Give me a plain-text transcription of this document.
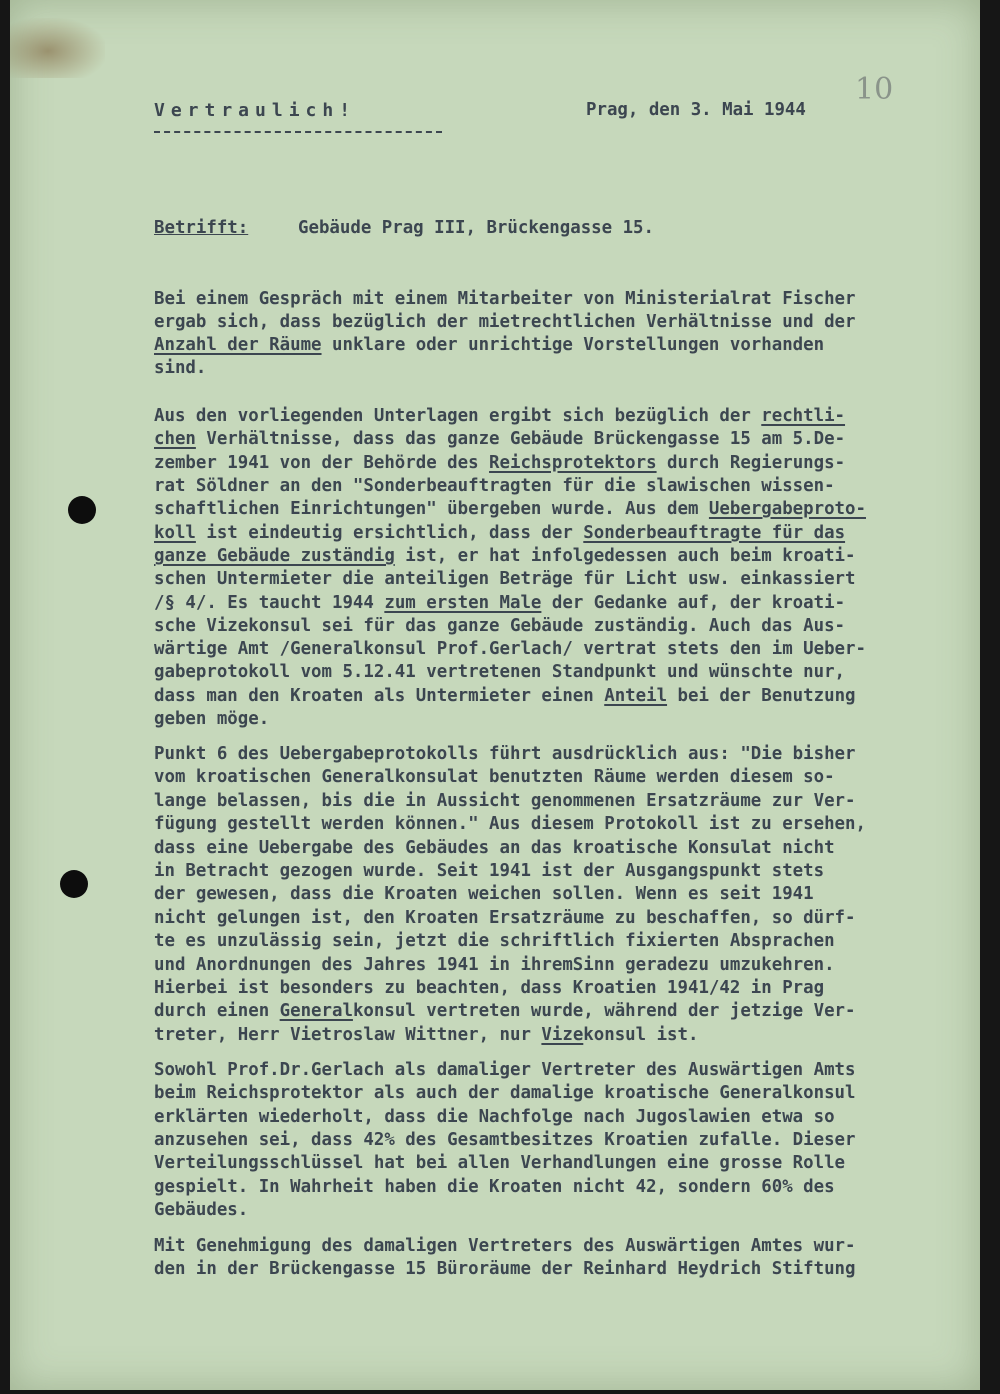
10
Vertraulich!	Prag, den 3. Mai 1944
Betrifft:	Gebäude Prag III, Brückengasse 15.
Bei einem Gespräch mit einem Mitarbeiter von Ministerialrat Fischer
ergab sich, dass bezüglich der mietrechtlichen Verhältnisse und der
Anzahl der Räume unklare oder unrichtige Vorstellungen vorhanden
sind.
Aus den vorliegenden Unterlagen ergibt sich bezüglich der rechtli-
chen Verhältnisse, dass das ganze Gebäude Brückengasse 15 am 5.De-
zember 1941 von der Behörde des Reichsprotektors durch Regierungs-
rat Söldner an den "Sonderbeauftragten für die slawischen wissen-
schaftlichen Einrichtungen" übergeben wurde. Aus dem Uebergabeproto-
koll ist eindeutig ersichtlich, dass der Sonderbeauftragte für das
ganze Gebäude zuständig ist, er hat infolgedessen auch beim kroati-
schen Untermieter die anteiligen Beträge für Licht usw. einkassiert
/§ 4/. Es taucht 1944 zum ersten Male der Gedanke auf, der kroati-
sche Vizekonsul sei für das ganze Gebäude zuständig. Auch das Aus-
wärtige Amt /Generalkonsul Prof.Gerlach/ vertrat stets den im Ueber-
gabeprotokoll vom 5.12.41 vertretenen Standpunkt und wünschte nur,
dass man den Kroaten als Untermieter einen Anteil bei der Benutzung
geben möge.
Punkt 6 des Uebergabeprotokolls führt ausdrücklich aus: "Die bisher
vom kroatischen Generalkonsulat benutzten Räume werden diesem so-
lange belassen, bis die in Aussicht genommenen Ersatzräume zur Ver-
fügung gestellt werden können." Aus diesem Protokoll ist zu ersehen,
dass eine Uebergabe des Gebäudes an das kroatische Konsulat nicht
in Betracht gezogen wurde. Seit 1941 ist der Ausgangspunkt stets
der gewesen, dass die Kroaten weichen sollen. Wenn es seit 1941
nicht gelungen ist, den Kroaten Ersatzräume zu beschaffen, so dürf-
te es unzulässig sein, jetzt die schriftlich fixierten Absprachen
und Anordnungen des Jahres 1941 in ihremSinn geradezu umzukehren.
Hierbei ist besonders zu beachten, dass Kroatien 1941/42 in Prag
durch einen Generalkonsul vertreten wurde, während der jetzige Ver-
treter, Herr Vietroslaw Wittner, nur Vizekonsul ist.
Sowohl Prof.Dr.Gerlach als damaliger Vertreter des Auswärtigen Amts
beim Reichsprotektor als auch der damalige kroatische Generalkonsul
erklärten wiederholt, dass die Nachfolge nach Jugoslawien etwa so
anzusehen sei, dass 42% des Gesamtbesitzes Kroatien zufalle. Dieser
Verteilungsschlüssel hat bei allen Verhandlungen eine grosse Rolle
gespielt. In Wahrheit haben die Kroaten nicht 42, sondern 60% des
Gebäudes.
Mit Genehmigung des damaligen Vertreters des Auswärtigen Amtes wur-
den in der Brückengasse 15 Büroräume der Reinhard Heydrich Stiftung
